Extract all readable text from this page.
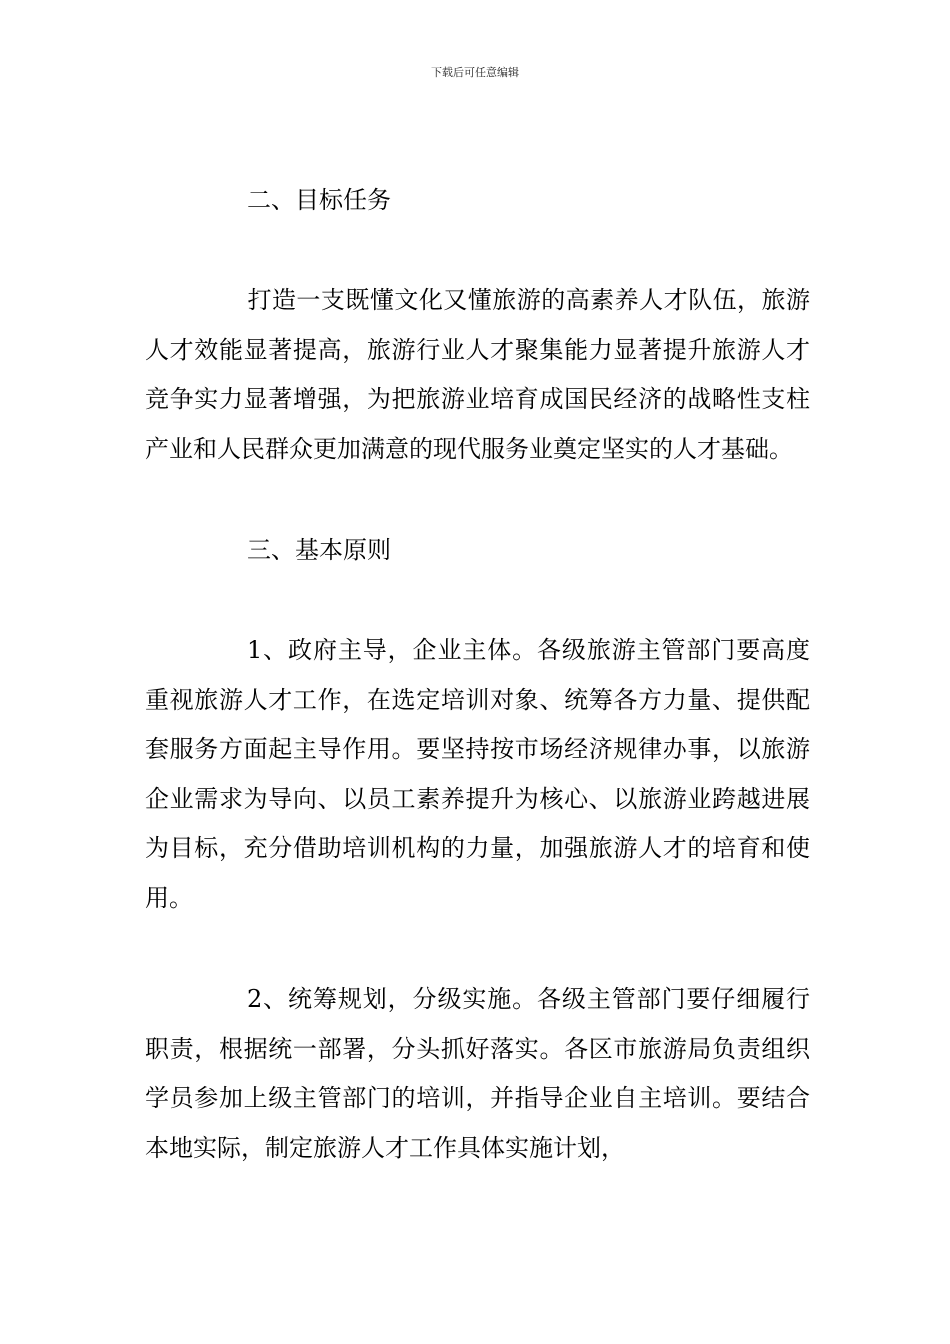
下载后可任意编辑
二、目标任务

打造一支既懂文化又懂旅游的高素养人才队伍，旅游人才效能显著提高，旅游行业人才聚集能力显著提升旅游人才竞争实力显著增强，为把旅游业培育成国民经济的战略性支柱产业和人民群众更加满意的现代服务业奠定坚实的人才基础。

三、基本原则

1、政府主导，企业主体。各级旅游主管部门要高度重视旅游人才工作，在选定培训对象、统筹各方力量、提供配套服务方面起主导作用。要坚持按市场经济规律办事，以旅游企业需求为导向、以员工素养提升为核心、以旅游业跨越进展为目标，充分借助培训机构的力量，加强旅游人才的培育和使用。

2、统筹规划，分级实施。各级主管部门要仔细履行职责，根据统一部署，分头抓好落实。各区市旅游局负责组织学员参加上级主管部门的培训，并指导企业自主培训。要结合本地实际，制定旅游人才工作具体实施计划，
